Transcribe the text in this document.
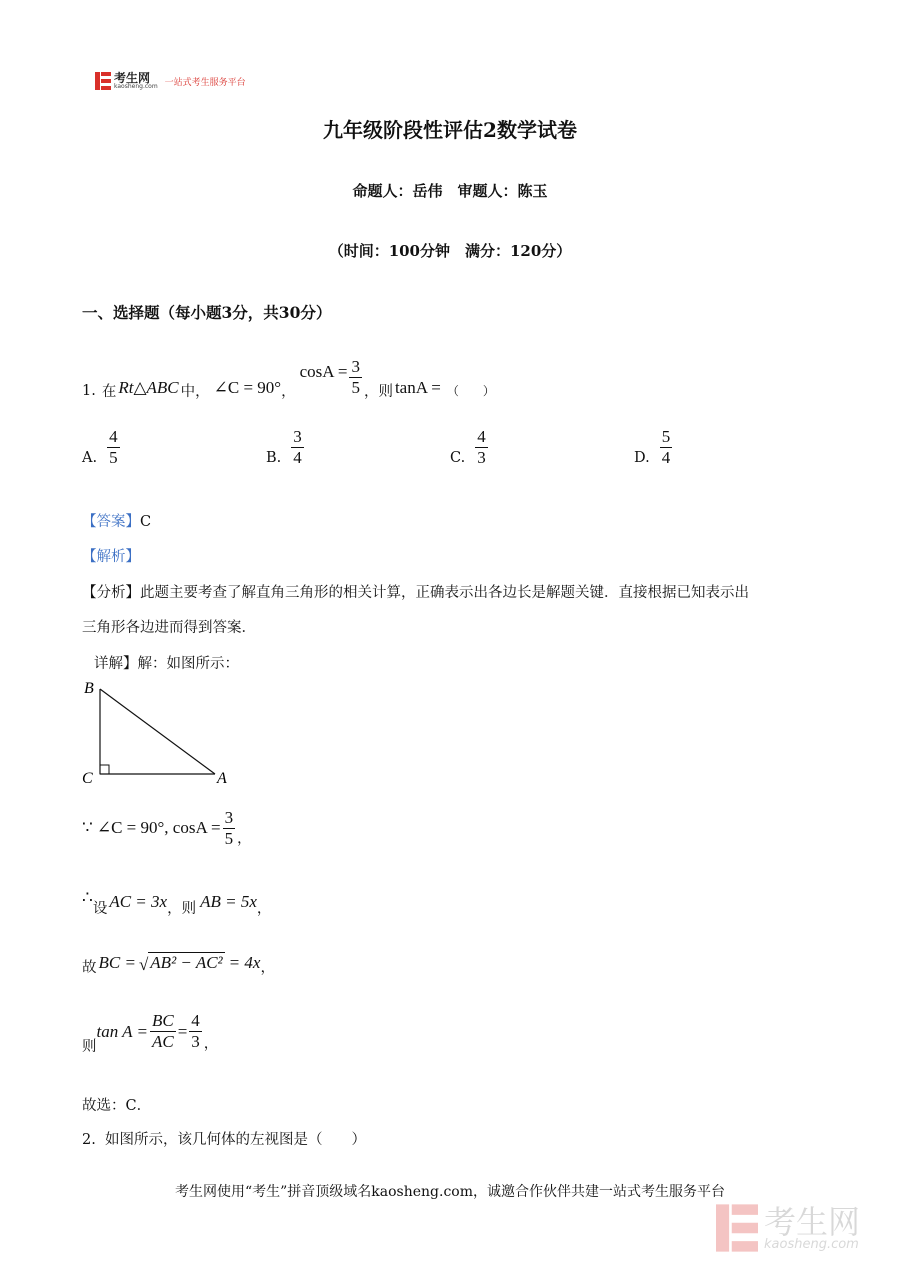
考生网
kaosheng.com 一站式考生服务平台
九年级阶段性评估2数学试卷
命题人：岳伟　审题人：陈玉
（时间：100分钟　满分：120分）
一、选择题（每小题3分，共30分）
1. 在 Rt△ABC 中， ∠C = 90° ，
$\cos A = \frac{3}{5}$ ，则 tanA = （　　）
A. $\frac{4}{5}$	B. $\frac{3}{4}$	C. $\frac{4}{3}$	D. $\frac{5}{4}$
【答案】C
【解析】
【分析】此题主要考查了解直角三角形的相关计算，正确表示出各边长是解题关键．直接根据已知表示出
三角形各边进而得到答案．
详解】解：如图所示：
B
C	A
∵ ∠C = 90°, $\cos A = \frac{3}{5}$ ，
∴
设 AC = 3x ，则 AB = 5x ，
故 BC = √ AB² − AC² = 4x ，
则
$\tan A = \frac{BC}{AC} = \frac{4}{3}$ ，
故选：C．
2.  如图所示，该几何体的左视图是（　　）
考生网使用“考生”拼音顶级域名kaosheng.com，诚邀合作伙伴共建一站式考生服务平台
考生网
kaosheng.com
